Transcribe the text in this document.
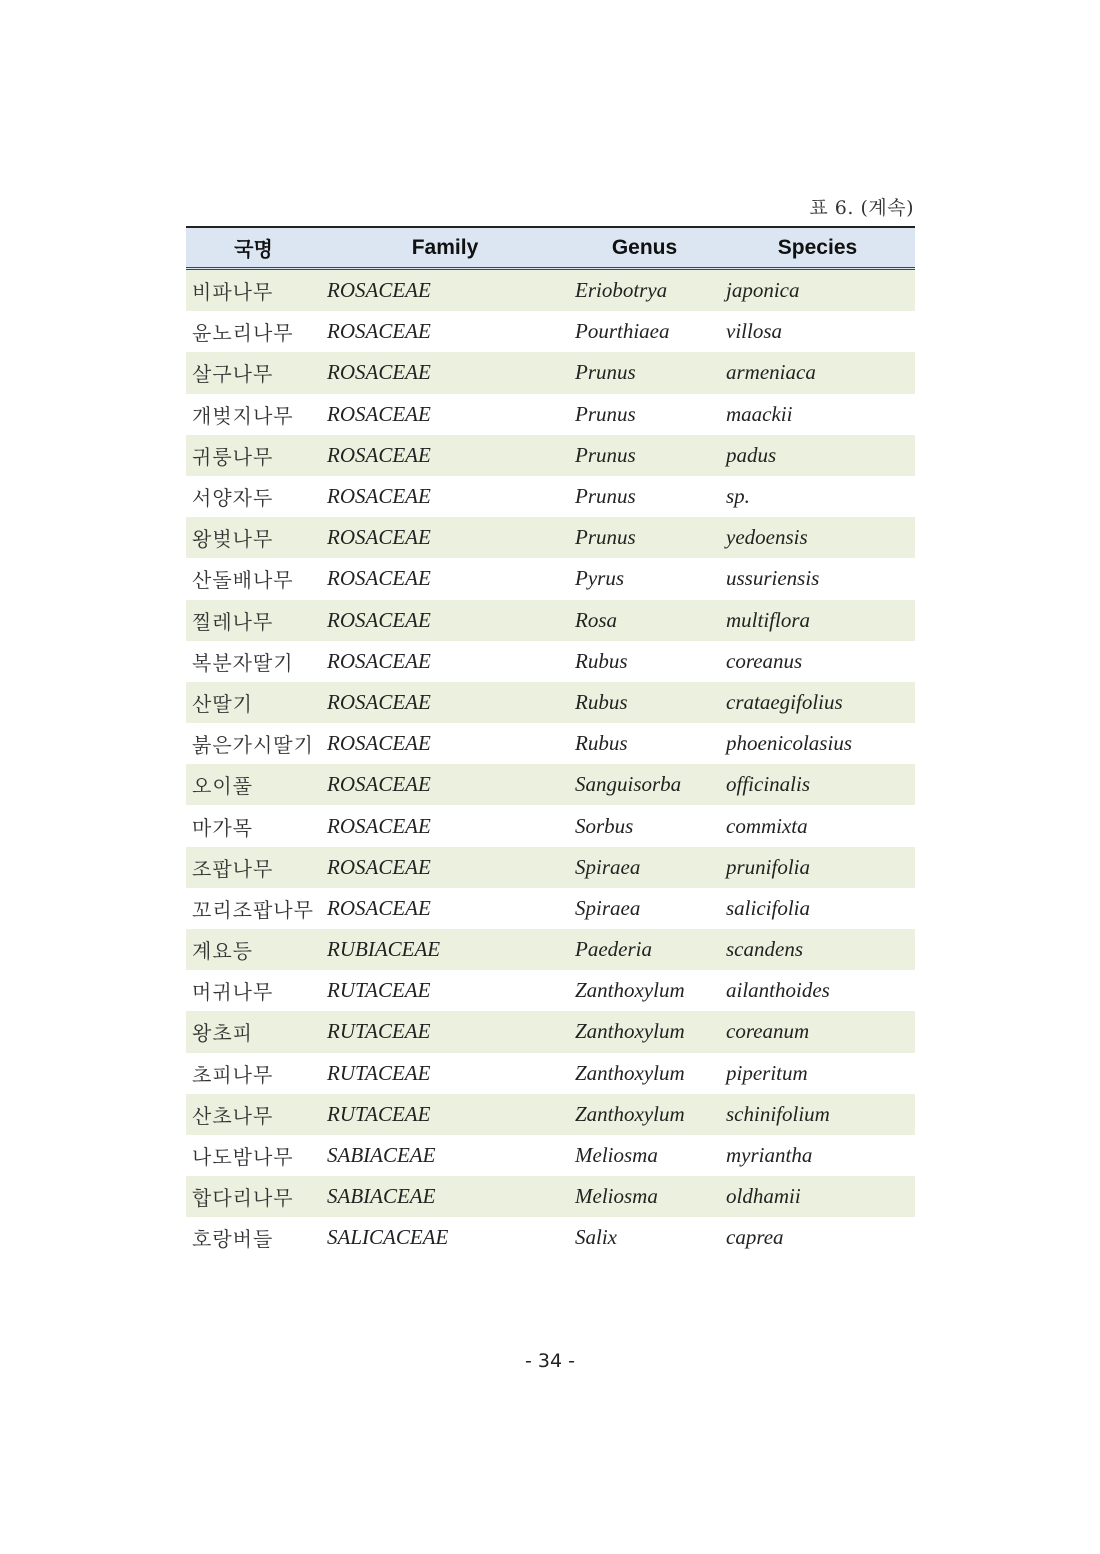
표 6. (계속)
국명	Family	Genus	Species
비파나무	ROSACEAE	Eriobotrya	japonica
윤노리나무	ROSACEAE	Pourthiaea	villosa
살구나무	ROSACEAE	Prunus	armeniaca
개벚지나무	ROSACEAE	Prunus	maackii
귀룽나무	ROSACEAE	Prunus	padus
서양자두	ROSACEAE	Prunus	sp.
왕벚나무	ROSACEAE	Prunus	yedoensis
산돌배나무	ROSACEAE	Pyrus	ussuriensis
찔레나무	ROSACEAE	Rosa	multiflora
복분자딸기	ROSACEAE	Rubus	coreanus
산딸기	ROSACEAE	Rubus	crataegifolius
붉은가시딸기	ROSACEAE	Rubus	phoenicolasius
오이풀	ROSACEAE	Sanguisorba	officinalis
마가목	ROSACEAE	Sorbus	commixta
조팝나무	ROSACEAE	Spiraea	prunifolia
꼬리조팝나무	ROSACEAE	Spiraea	salicifolia
계요등	RUBIACEAE	Paederia	scandens
머귀나무	RUTACEAE	Zanthoxylum	ailanthoides
왕초피	RUTACEAE	Zanthoxylum	coreanum
초피나무	RUTACEAE	Zanthoxylum	piperitum
산초나무	RUTACEAE	Zanthoxylum	schinifolium
나도밤나무	SABIACEAE	Meliosma	myriantha
합다리나무	SABIACEAE	Meliosma	oldhamii
호랑버들	SALICACEAE	Salix	caprea
- 34 -
